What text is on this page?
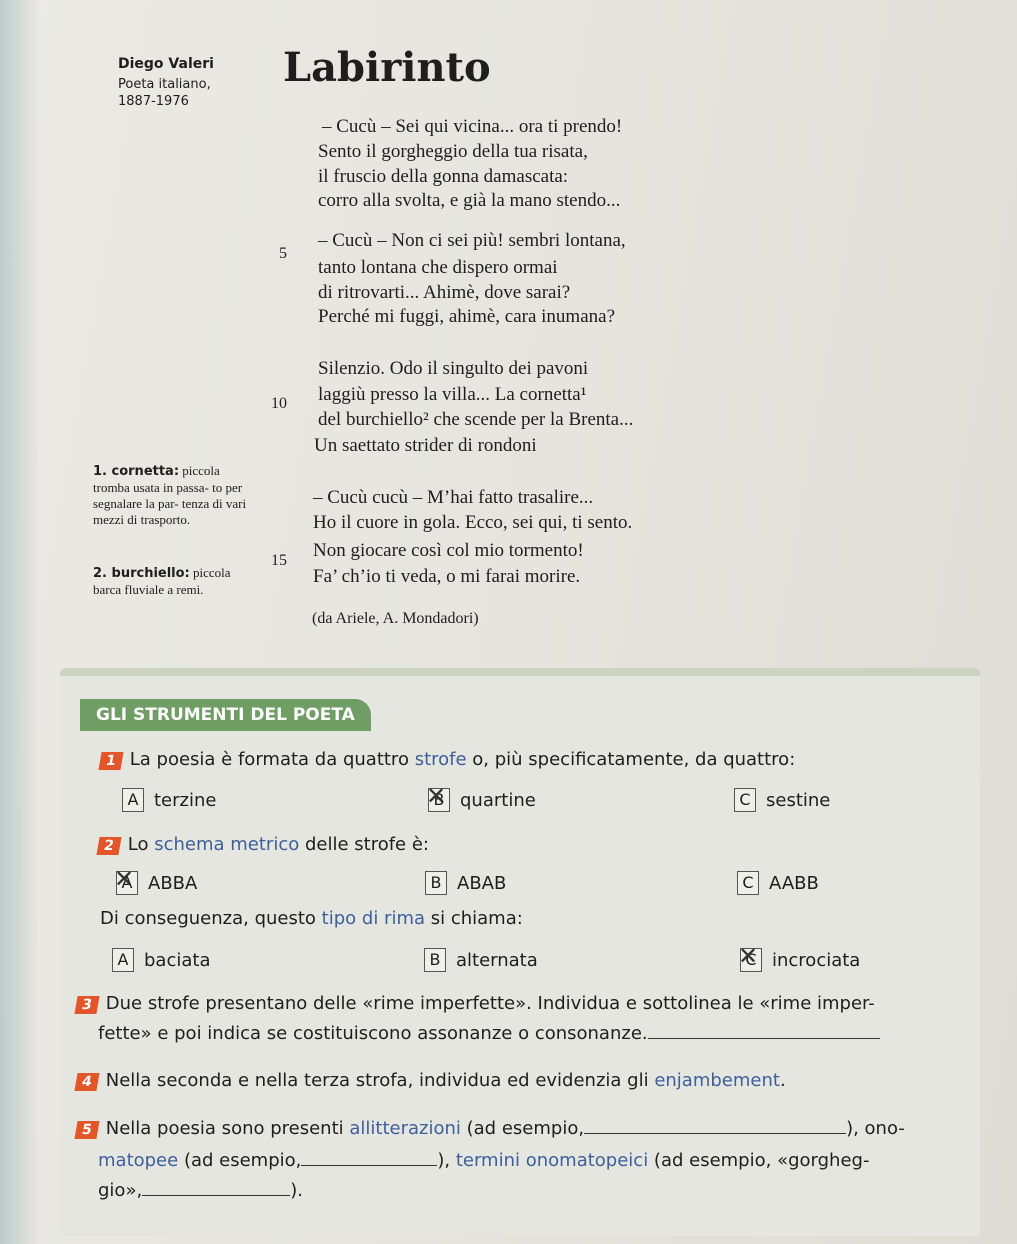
Diego Valeri
Poeta italiano,
1887-1976
Labirinto
– Cucù – Sei qui vicina... ora ti prendo!
Sento il gorgheggio della tua risata,
il fruscio della gonna damascata:
corro alla svolta, e già la mano stendo...
5
– Cucù – Non ci sei più! sembri lontana,
tanto lontana che dispero ormai
di ritrovarti... Ahimè, dove sarai?
Perché mi fuggi, ahimè, cara inumana?
Silenzio. Odo il singulto dei pavoni
10 laggiù presso la villa... La cornetta¹
del burchiello² che scende per la Brenta...
Un saettato strider di rondoni
– Cucù cucù – M’hai fatto trasalire...
Ho il cuore in gola. Ecco, sei qui, ti sento.
15 Non giocare così col mio tormento!
Fa’ ch’io ti veda, o mi farai morire.
(da Ariele, A. Mondadori)
1. cornetta: piccola tromba usata in passa- to per segnalare la par- tenza di vari mezzi di trasporto.
2. burchiello: piccola barca fluviale a remi.
GLI STRUMENTI DEL POETA
1 La poesia è formata da quattro strofe o, più specificatamente, da quattro:
A terzine	B ✕ quartine	C sestine
2 Lo schema metrico delle strofe è:
A ✕ ABBA	B ABAB	C AABB
Di conseguenza, questo tipo di rima si chiama:
A baciata	B alternata	C ✕ incrociata
3 Due strofe presentano delle «rime imperfette». Individua e sottolinea le «rime imper-
fette» e poi indica se costituiscono assonanze o consonanze.
4 Nella seconda e nella terza strofa, individua ed evidenzia gli enjambement.
5 Nella poesia sono presenti allitterazioni (ad esempio,	), ono-
matopee (ad esempio,	), termini onomatopeici (ad esempio, «gorgheg-
gio»,	).
